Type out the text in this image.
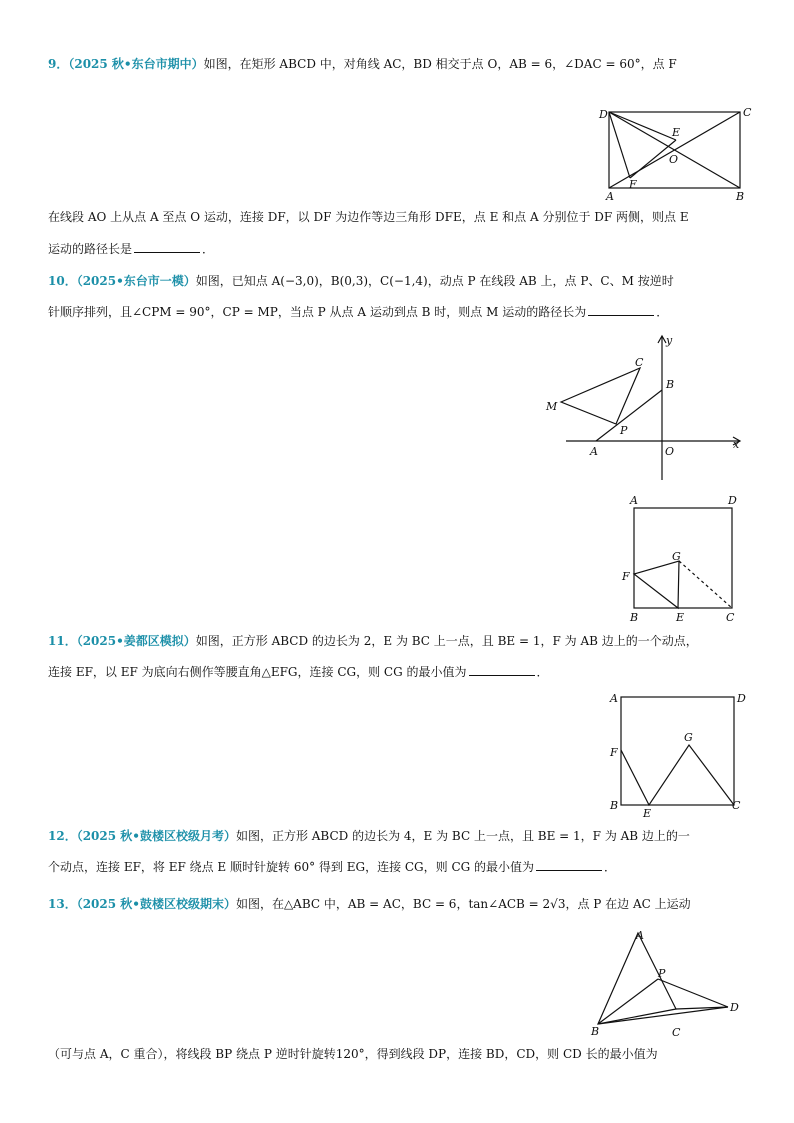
9．（2025 秋•东台市期中）如图，在矩形 ABCD 中，对角线 AC，BD 相交于点 O，AB = 6，∠DAC = 60°，点 F
D	C
A	B
E
O
F
在线段 AO 上从点 A 至点 O 运动，连接 DF，以 DF 为边作等边三角形 DFE，点 E 和点 A 分别位于 DF 两侧，则点 E
运动的路径长是	．
10．（2025•东台市一模）如图，已知点 A(−3,0)，B(0,3)，C(−1,4)，动点 P 在线段 AB 上，点 P、C、M 按逆时
针顺序排列，且∠CPM = 90°，CP = MP，当点 P 从点 A 运动到点 B 时，则点 M 运动的路径长为	．
C
B
M
P
A	O
x
y
A	D
G
F
B	E	C
11．（2025•姜都区模拟）如图，正方形 ABCD 的边长为 2，E 为 BC 上一点，且 BE = 1，F 为 AB 边上的一个动点，
连接 EF，以 EF 为底向右侧作等腰直角△EFG，连接 CG，则 CG 的最小值为	．
A	D
F
G
B
E
C
12．（2025 秋•鼓楼区校级月考）如图，正方形 ABCD 的边长为 4，E 为 BC 上一点，且 BE = 1，F 为 AB 边上的一
个动点，连接 EF，将 EF 绕点 E 顺时针旋转 60° 得到 EG，连接 CG，则 CG 的最小值为	．
13．（2025 秋•鼓楼区校级期末）如图，在△ABC 中，AB = AC，BC = 6，tan∠ACB = 2√3，点 P 在边 AC 上运动
A
P
D
B	C
（可与点 A，C 重合），将线段 BP 绕点 P 逆时针旋转120°，得到线段 DP，连接 BD，CD，则 CD 长的最小值为
